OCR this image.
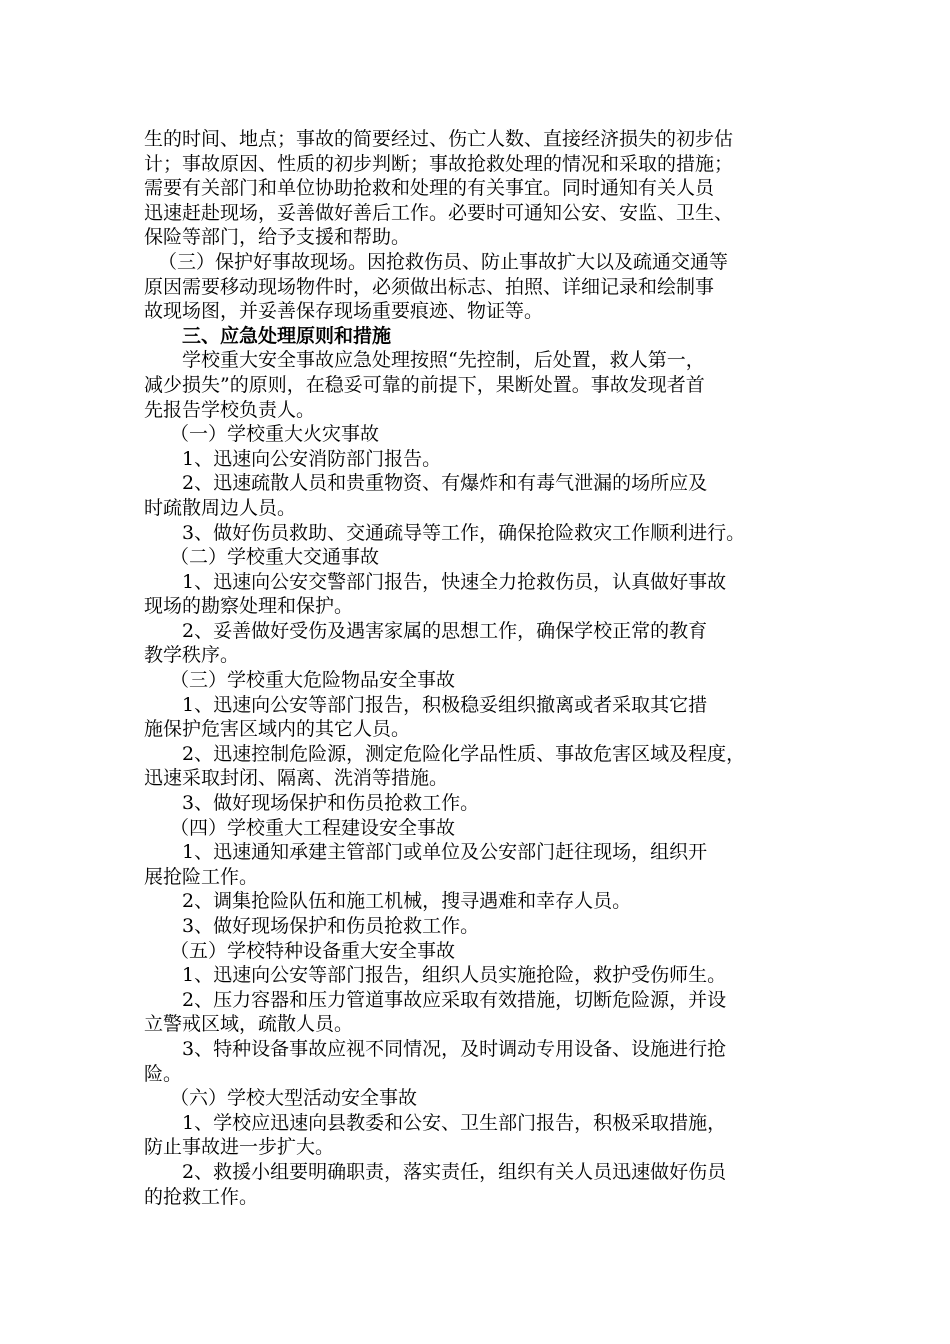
生的时间、地点；事故的简要经过、伤亡人数、直接经济损失的初步估
计；事故原因、性质的初步判断；事故抢救处理的情况和采取的措施；
需要有关部门和单位协助抢救和处理的有关事宜。同时通知有关人员
迅速赶赴现场，妥善做好善后工作。必要时可通知公安、安监、卫生、
保险等部门，给予支援和帮助。
（三）保护好事故现场。因抢救伤员、防止事故扩大以及疏通交通等
原因需要移动现场物件时，必须做出标志、拍照、详细记录和绘制事
故现场图，并妥善保存现场重要痕迹、物证等。
三、应急处理原则和措施
学校重大安全事故应急处理按照“先控制，后处置，救人第一，
减少损失”的原则，在稳妥可靠的前提下，果断处置。事故发现者首
先报告学校负责人。
（一）学校重大火灾事故
1、迅速向公安消防部门报告。
2、迅速疏散人员和贵重物资、有爆炸和有毒气泄漏的场所应及
时疏散周边人员。
3、做好伤员救助、交通疏导等工作，确保抢险救灾工作顺利进行。
（二）学校重大交通事故
1、迅速向公安交警部门报告，快速全力抢救伤员，认真做好事故
现场的勘察处理和保护。
2、妥善做好受伤及遇害家属的思想工作，确保学校正常的教育
教学秩序。
（三）学校重大危险物品安全事故
1、迅速向公安等部门报告，积极稳妥组织撤离或者采取其它措
施保护危害区域内的其它人员。
2、迅速控制危险源，测定危险化学品性质、事故危害区域及程度，
迅速采取封闭、隔离、洗消等措施。
3、做好现场保护和伤员抢救工作。
（四）学校重大工程建设安全事故
1、迅速通知承建主管部门或单位及公安部门赶往现场，组织开
展抢险工作。
2、调集抢险队伍和施工机械，搜寻遇难和幸存人员。
3、做好现场保护和伤员抢救工作。
（五）学校特种设备重大安全事故
1、迅速向公安等部门报告，组织人员实施抢险，救护受伤师生。
2、压力容器和压力管道事故应采取有效措施，切断危险源，并设
立警戒区域，疏散人员。
3、特种设备事故应视不同情况，及时调动专用设备、设施进行抢
险。
（六）学校大型活动安全事故
1、学校应迅速向县教委和公安、卫生部门报告，积极采取措施，
防止事故进一步扩大。
2、救援小组要明确职责，落实责任，组织有关人员迅速做好伤员
的抢救工作。
